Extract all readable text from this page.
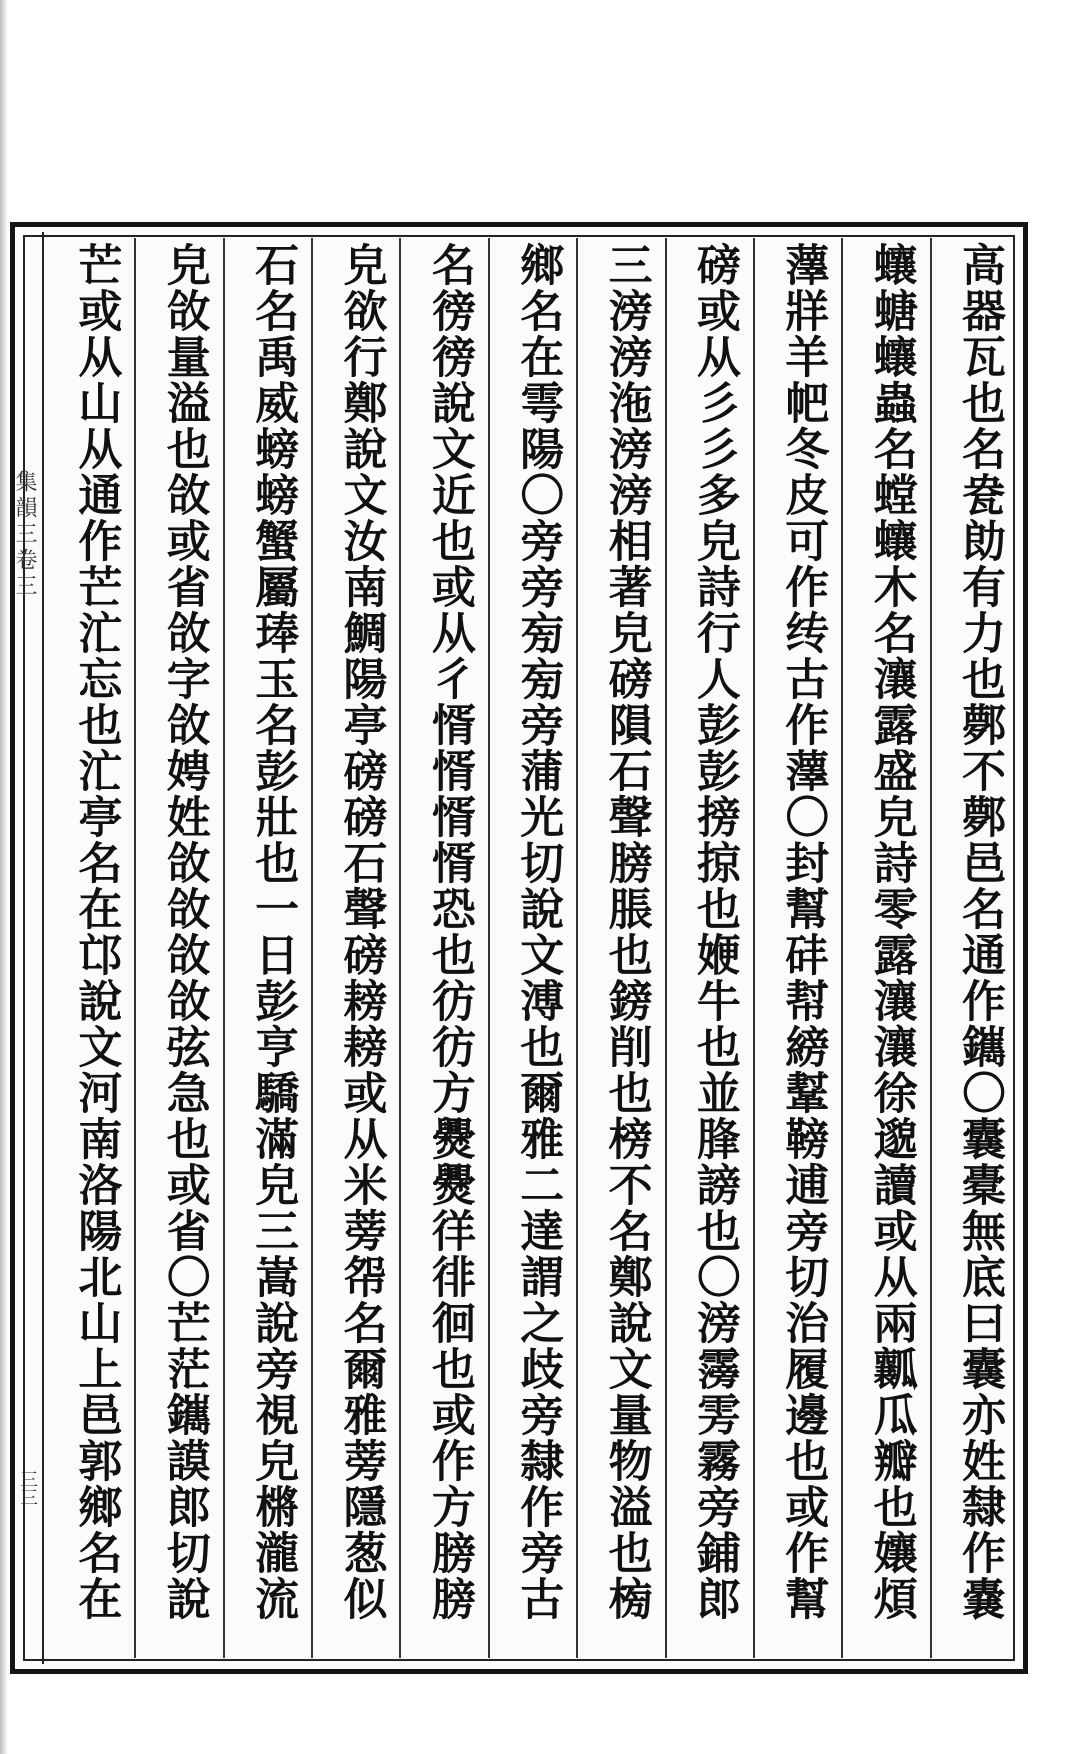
集韻三卷三
三三
高器瓦也名㼜勆有力也鄸不鄸邑名通作䥴〇囊橐無底曰囊亦姓隸作嚢
蠰螗蠰蟲名螳蠰木名瀼露盛皃詩零露瀼瀼徐邈讀或从兩瓤瓜瓣也孃煩
䕪牂羊帊冬皮可作䌸古作䕪〇封幫䂜幇縍鞤䩷逋旁切治履邊也或作幫
磅或从彡彡多皃詩行人彭彭搒掠也㛹牛也並䏺謗也〇滂霶雱霧旁鋪郎
三滂滂沲滂滂相著皃磅隕石聲膀脹也鎊削也榜不名鄭說文量物溢也㮄
鄉名在雩陽〇旁旁㫄㫄旁蒲光切說文溥也爾雅二達謂之歧旁隸作旁古
名徬徬說文近也或从彳㥠㥠㥠㥠恐也彷彷方㸑㸑徉徘徊也或作方膀膀
皃欲行鄭說文汝南鯛陽亭磅磅石聲磅耪耪或从米蒡㠾名爾雅蒡隱葱似
石名禹威螃螃蟹屬琫玉名彭壯也一日彭亨驕滿皃三嵩說旁視皃㯍瀧流
皃㪉量溢也㪉或省㪉字㪉娉姓㪉㪉㪉㪉弦急也或省〇芒茫䥴謨郎切說
芒或从山从通作芒汒忘也汒亭名在邙說文河南洛陽北山上邑郭鄉名在
